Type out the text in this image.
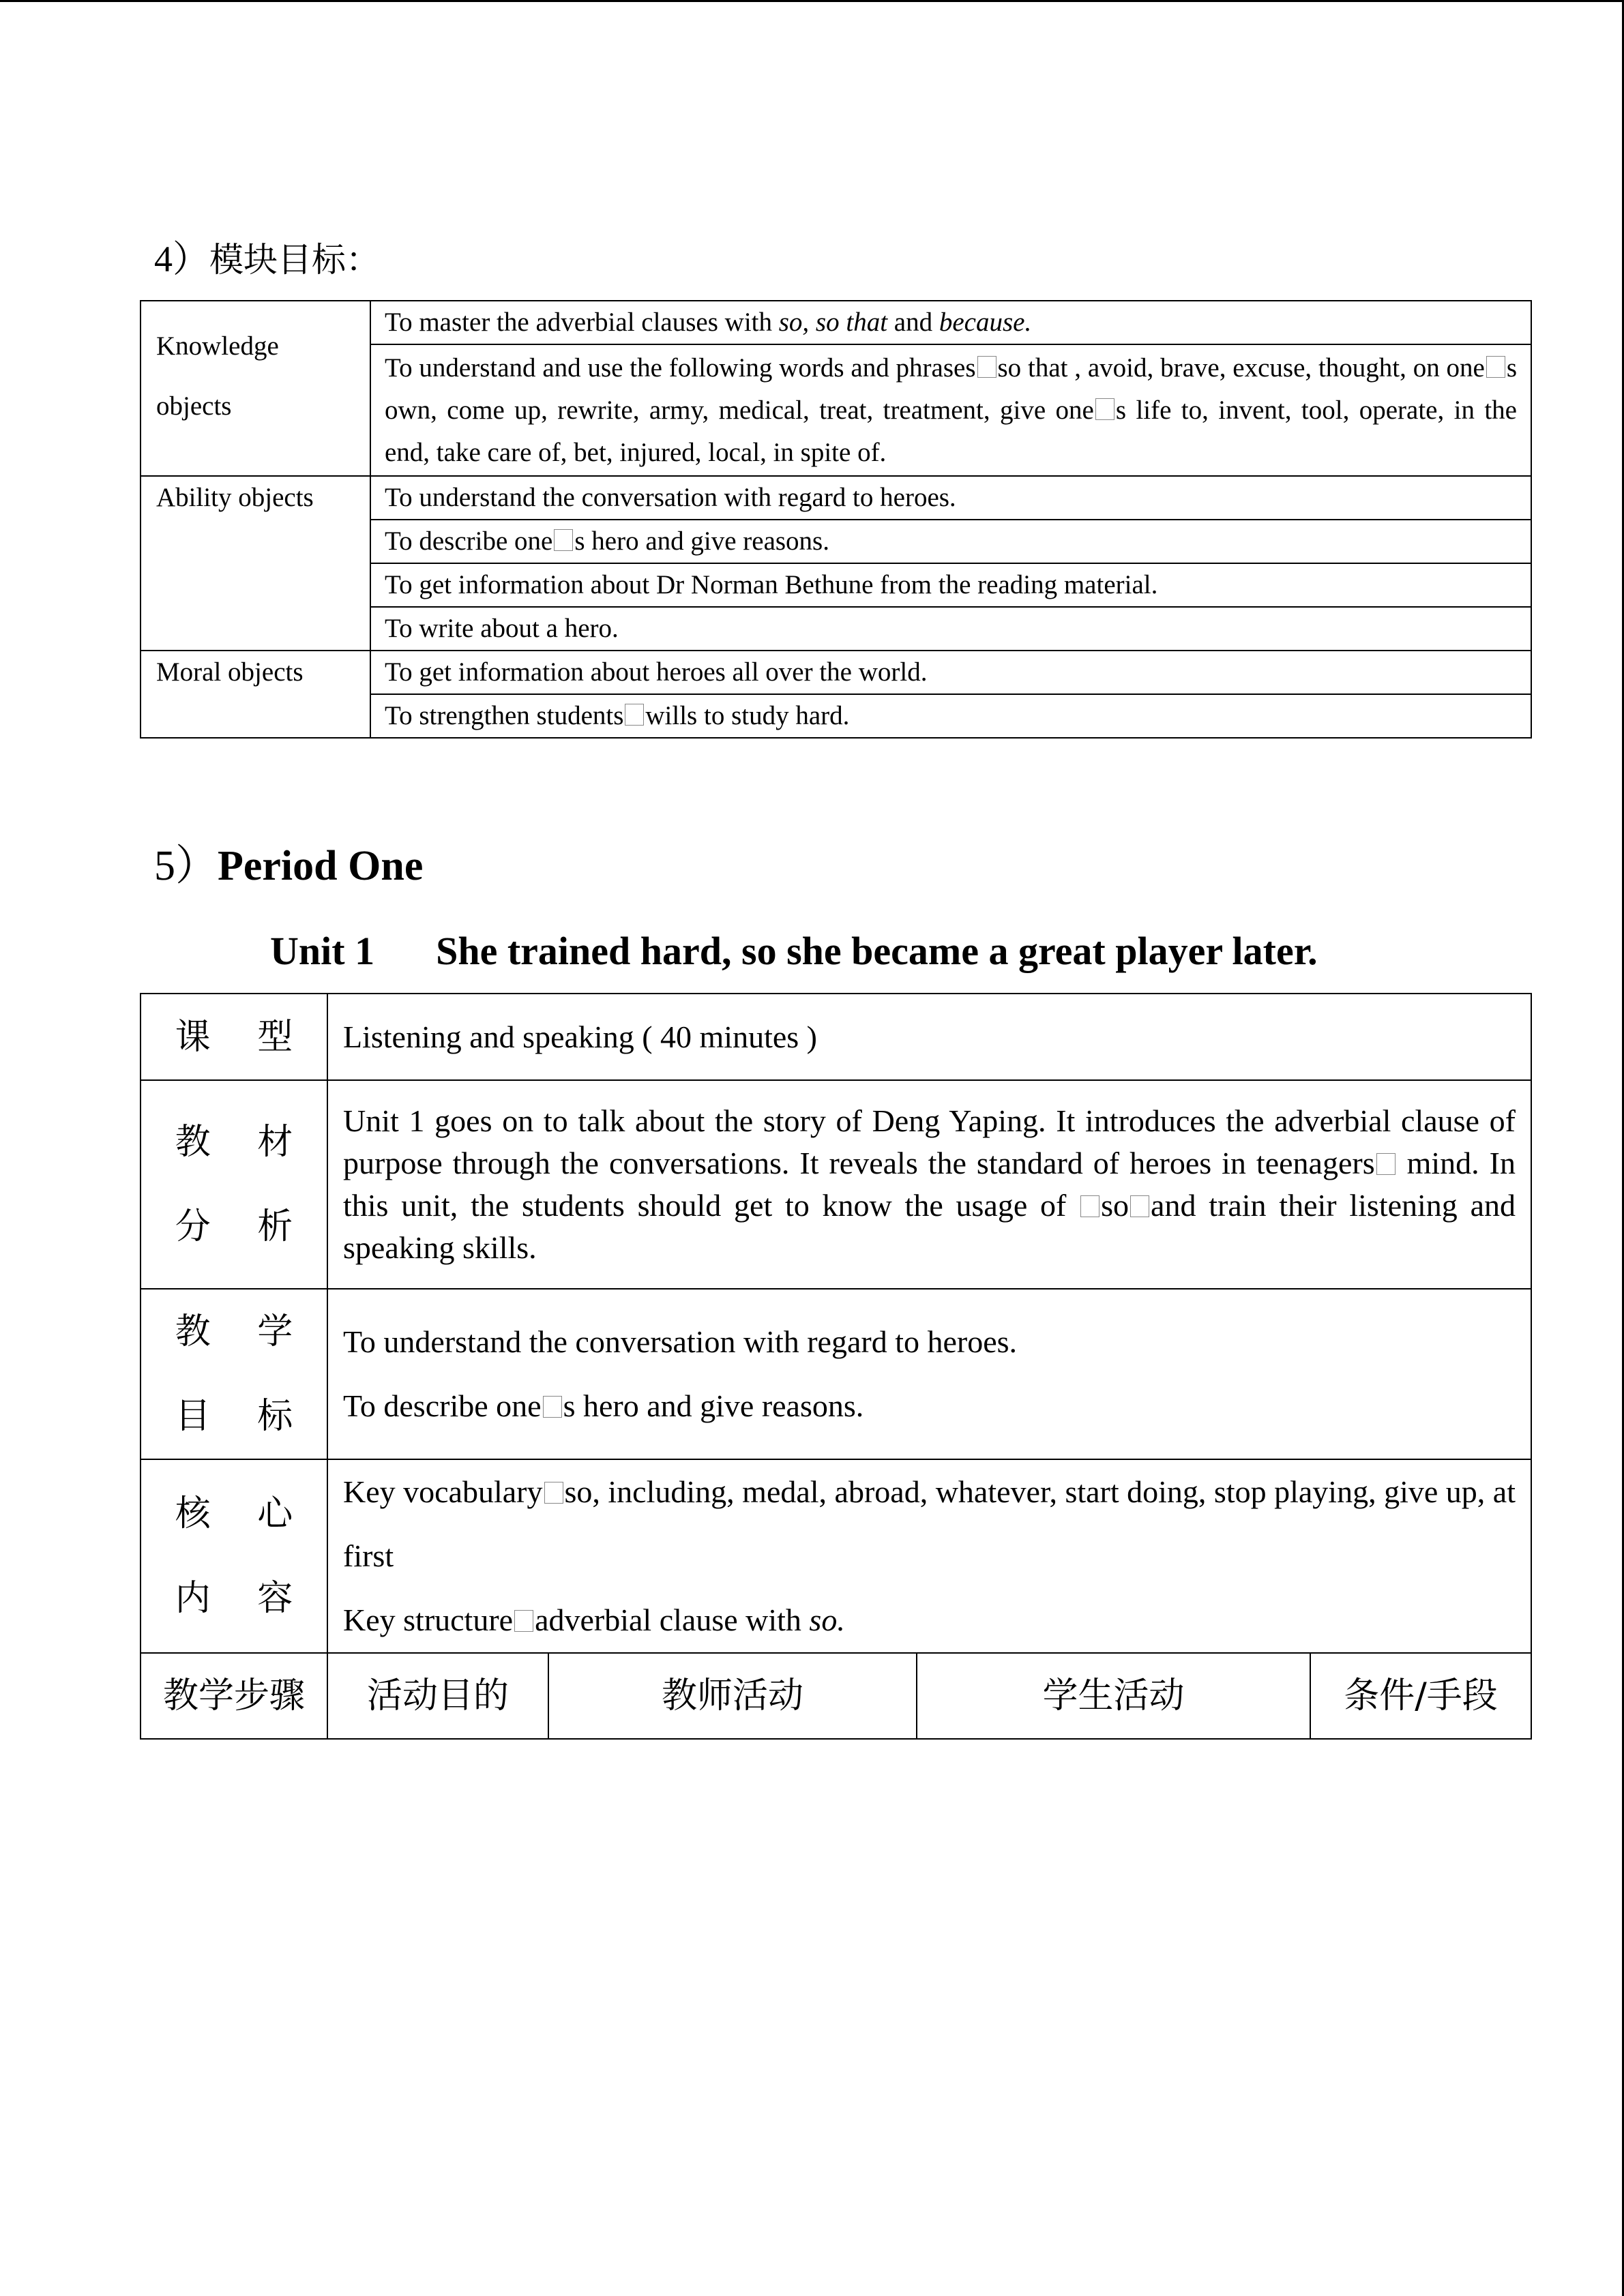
4）模块目标：
Knowledge
objects	To master the adverbial clauses with so, so that and because.
	To understand and use the following words and phrases so that , avoid, brave, excuse, thought, on one s own, come up, rewrite, army, medical, treat, treatment, give one s life to, invent, tool, operate, in the end, take care of, bet, injured, local, in spite of.
Ability objects	To understand the conversation with regard to heroes.
	To describe one s hero and give reasons.
	To get information about Dr Norman Bethune from the reading material.
	To write about a hero.
Moral objects	To get information about heroes all over the world.
	To strengthen students wills to study hard.
5）Period One
Unit 1 She trained hard, so she became a great player later.
课 型	Listening and speaking ( 40 minutes )			

教 材
分 析	Unit 1 goes on to talk about the story of Deng Yaping. It introduces the adverbial clause of purpose through the conversations. It reveals the standard of heroes in teenagers mind. In this unit, the students should get to know the usage of so and train their listening and speaking skills.			

教 学
目 标	To understand the conversation with regard to heroes.
To describe one s hero and give reasons.			

核 心
内 容	Key vocabulary so, including, medal, abroad, whatever, start doing, stop playing, give up, at first
Key structure adverbial clause with so.			

教学步骤	活动目的	教师活动	学生活动	条件/手段
